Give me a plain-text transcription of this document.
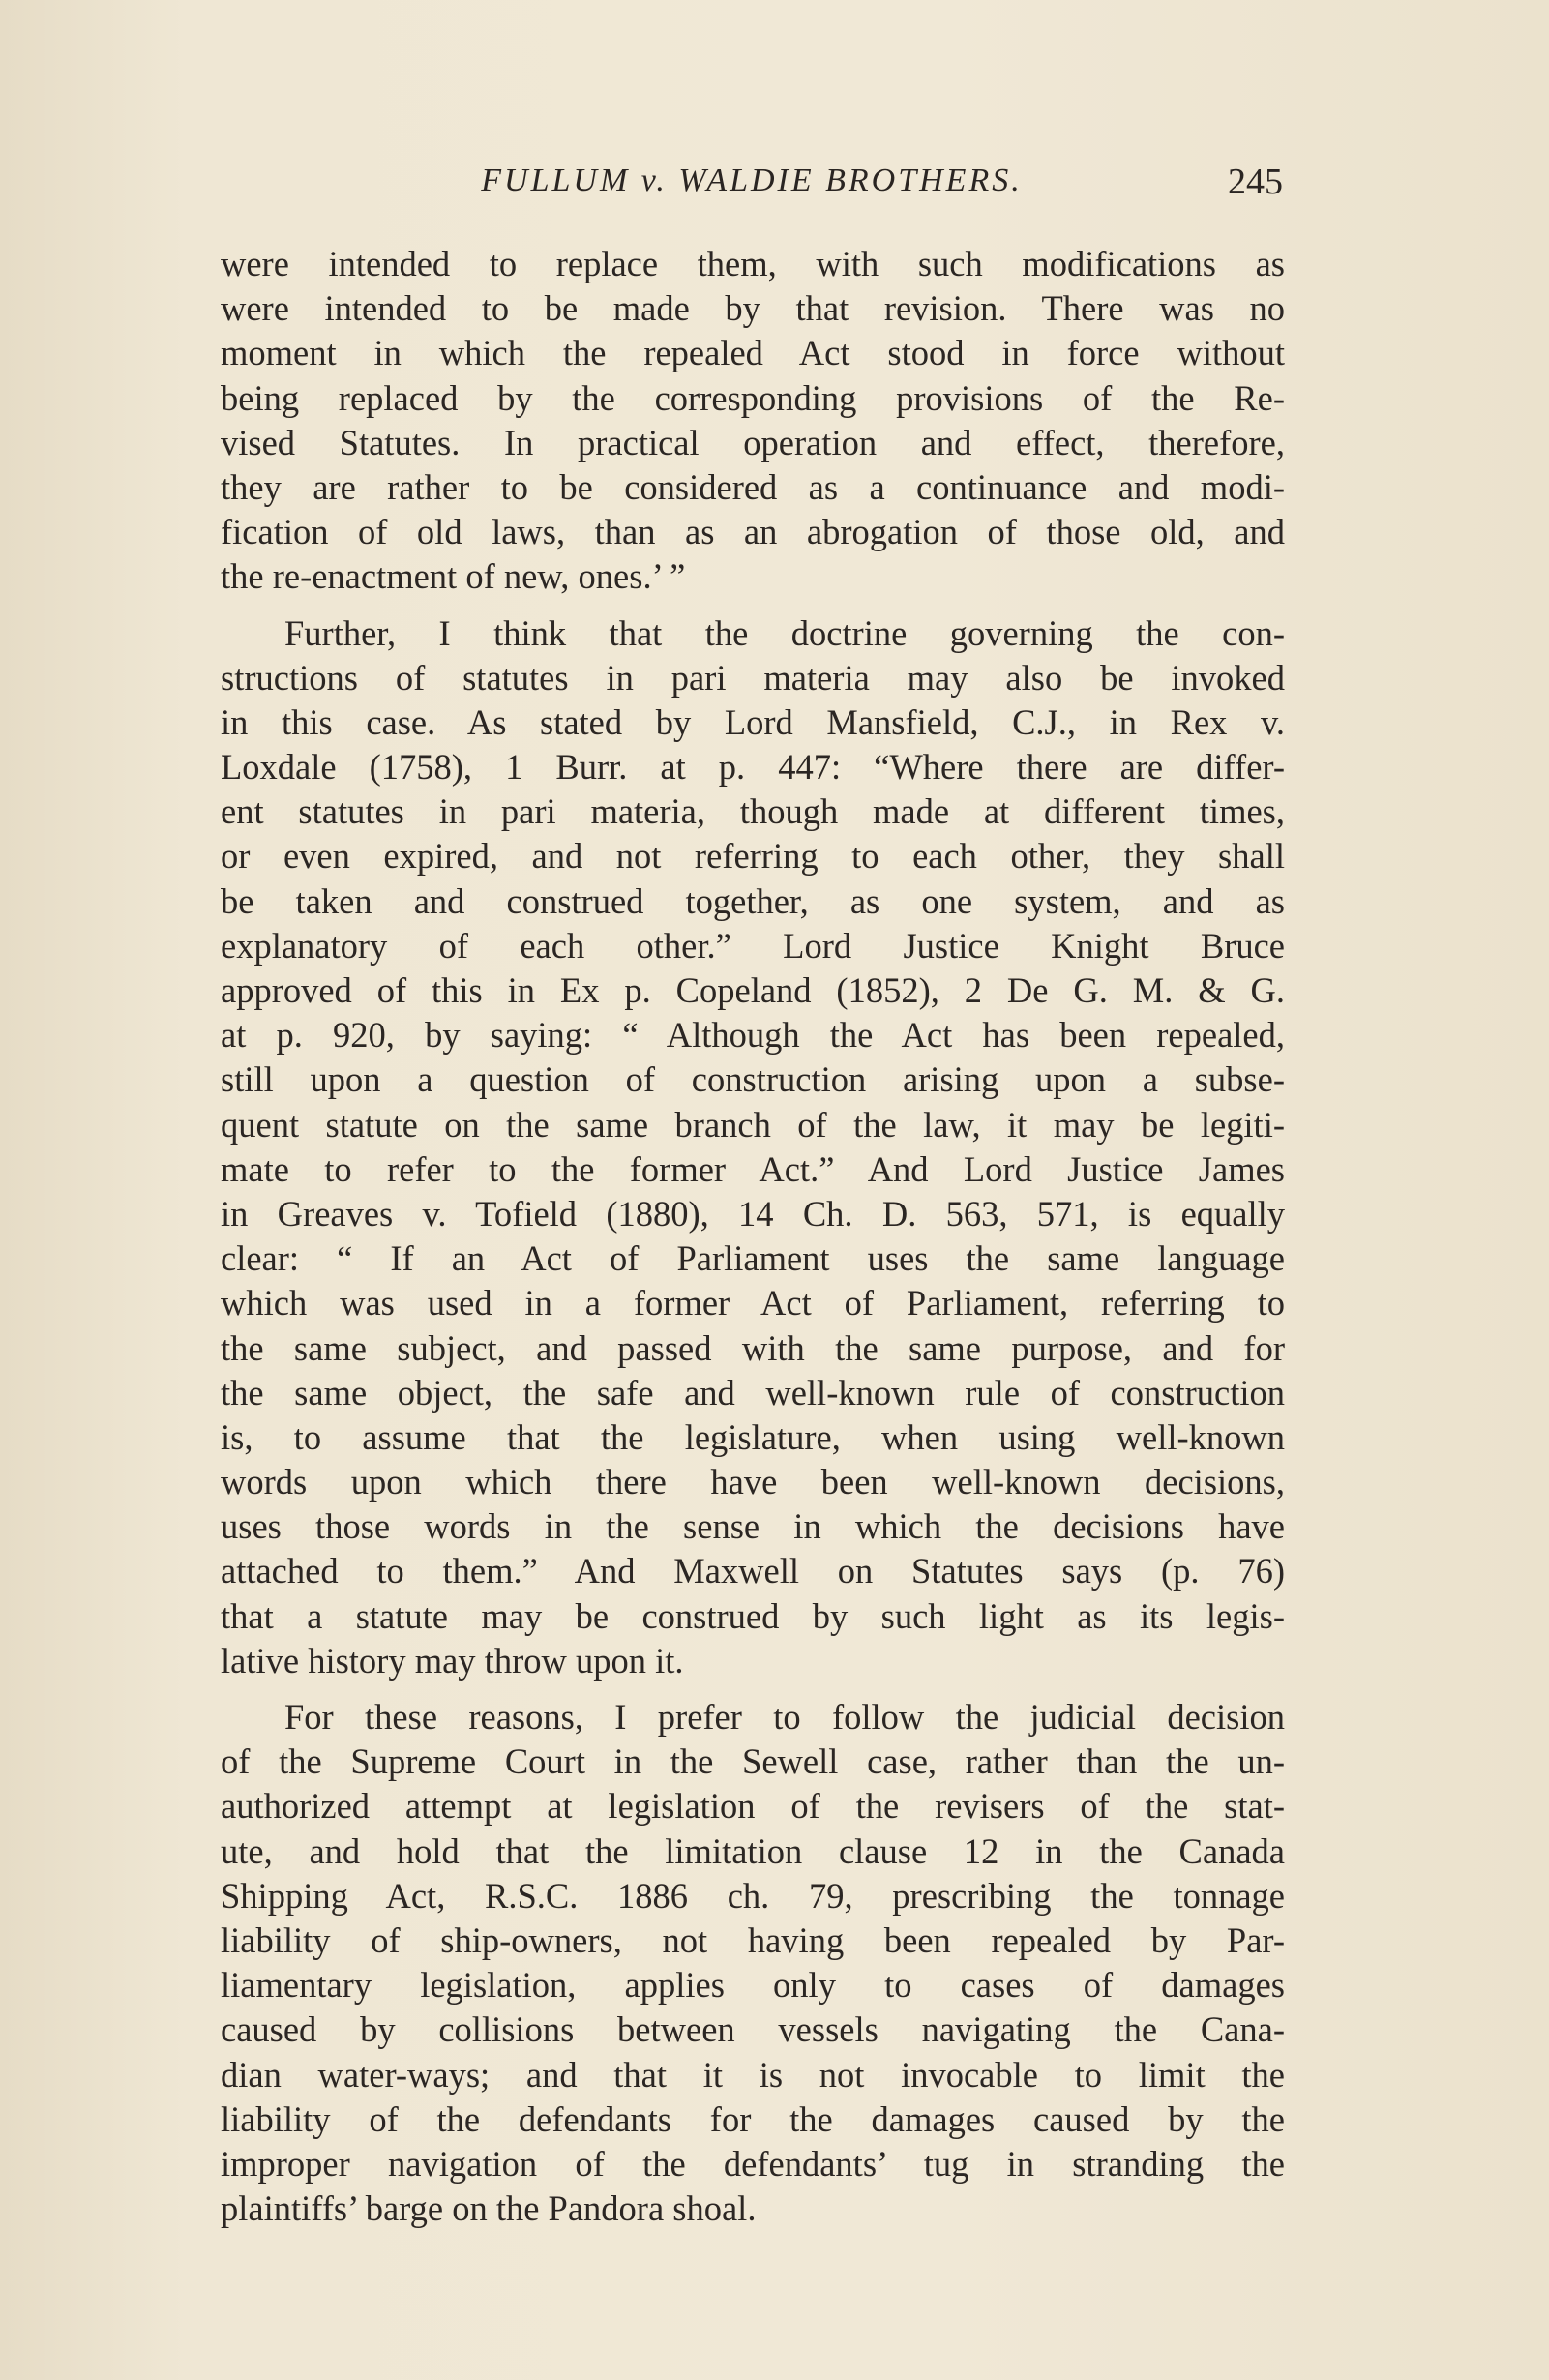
FULLUM v. WALDIE BROTHERS.	245
were intended to replace them, with such modifications as
were intended to be made by that revision. There was no
moment in which the repealed Act stood in force without
being replaced by the corresponding provisions of the Re-
vised Statutes. In practical operation and effect, therefore,
they are rather to be considered as a continuance and modi-
fication of old laws, than as an abrogation of those old, and
the re-enactment of new, ones.’ ”
Further, I think that the doctrine governing the con-
structions of statutes in pari materia may also be invoked
in this case. As stated by Lord Mansfield, C.J., in Rex v.
Loxdale (1758), 1 Burr. at p. 447: “Where there are differ-
ent statutes in pari materia, though made at different times,
or even expired, and not referring to each other, they shall
be taken and construed together, as one system, and as
explanatory of each other.” Lord Justice Knight Bruce
approved of this in Ex p. Copeland (1852), 2 De G. M. & G.
at p. 920, by saying: “ Although the Act has been repealed,
still upon a question of construction arising upon a subse-
quent statute on the same branch of the law, it may be legiti-
mate to refer to the former Act.” And Lord Justice James
in Greaves v. Tofield (1880), 14 Ch. D. 563, 571, is equally
clear: “ If an Act of Parliament uses the same language
which was used in a former Act of Parliament, referring to
the same subject, and passed with the same purpose, and for
the same object, the safe and well-known rule of construction
is, to assume that the legislature, when using well-known
words upon which there have been well-known decisions,
uses those words in the sense in which the decisions have
attached to them.” And Maxwell on Statutes says (p. 76)
that a statute may be construed by such light as its legis-
lative history may throw upon it.
For these reasons, I prefer to follow the judicial decision
of the Supreme Court in the Sewell case, rather than the un-
authorized attempt at legislation of the revisers of the stat-
ute, and hold that the limitation clause 12 in the Canada
Shipping Act, R.S.C. 1886 ch. 79, prescribing the tonnage
liability of ship-owners, not having been repealed by Par-
liamentary legislation, applies only to cases of damages
caused by collisions between vessels navigating the Cana-
dian water-ways; and that it is not invocable to limit the
liability of the defendants for the damages caused by the
improper navigation of the defendants’ tug in stranding the
plaintiffs’ barge on the Pandora shoal.
